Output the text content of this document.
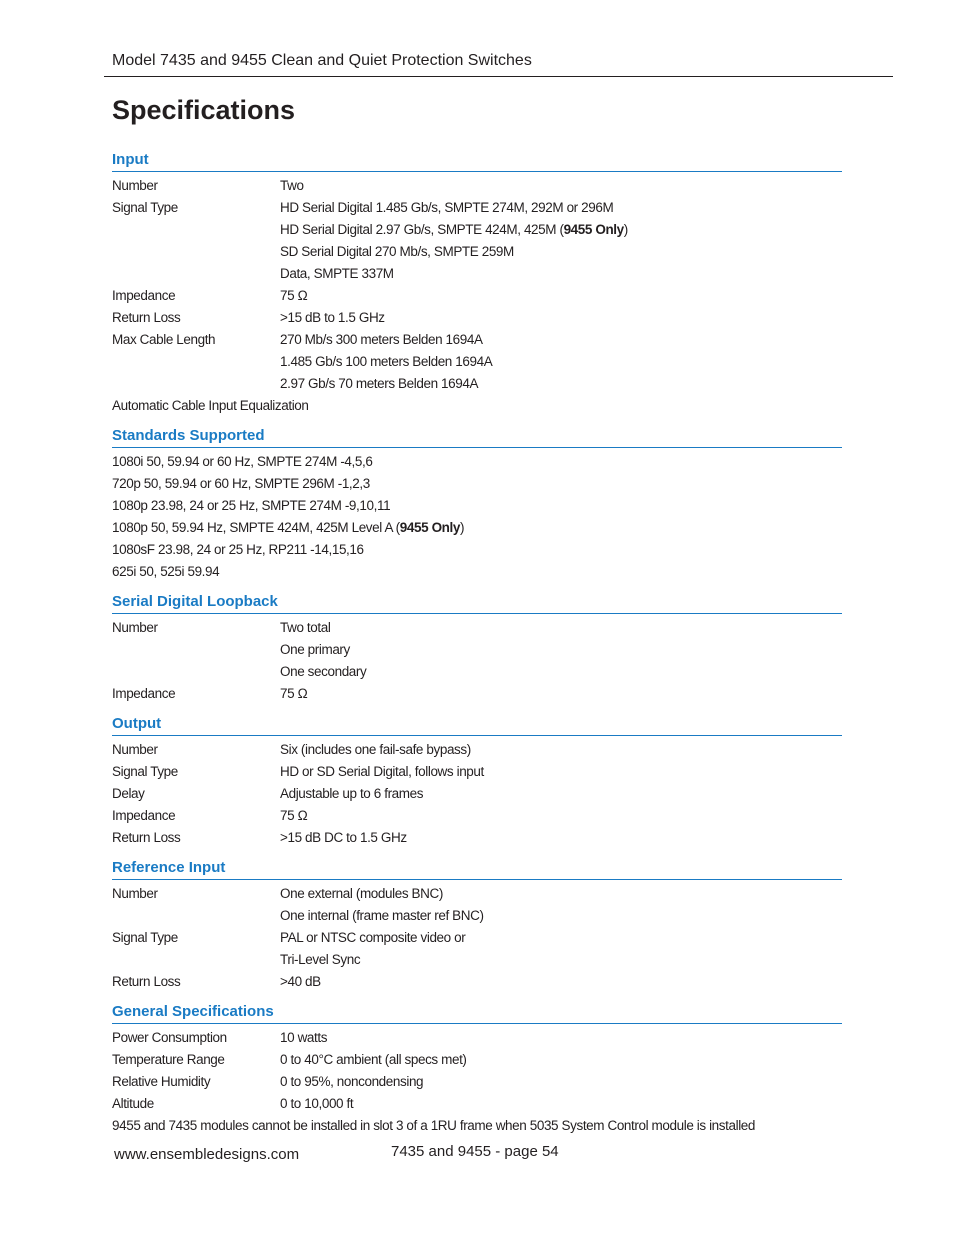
Model 7435 and 9455 Clean and Quiet Protection Switches
Specifications
Input
Number	Two
Signal Type	HD Serial Digital 1.485 Gb/s, SMPTE 274M, 292M or 296M
HD Serial Digital 2.97 Gb/s, SMPTE 424M, 425M (9455 Only)
SD Serial Digital 270 Mb/s, SMPTE 259M
Data, SMPTE 337M
Impedance	75 Ω
Return Loss	>15 dB to 1.5 GHz
Max Cable Length	270 Mb/s 300 meters Belden 1694A
1.485 Gb/s 100 meters Belden 1694A
2.97 Gb/s 70 meters Belden 1694A
Automatic Cable Input Equalization
Standards Supported
1080i 50, 59.94 or 60 Hz, SMPTE 274M -4,5,6
720p 50, 59.94 or 60 Hz, SMPTE 296M -1,2,3
1080p 23.98, 24 or 25 Hz, SMPTE 274M -9,10,11
1080p 50, 59.94 Hz, SMPTE 424M, 425M Level A (9455 Only)
1080sF 23.98, 24 or 25 Hz, RP211 -14,15,16
625i 50, 525i 59.94
Serial Digital Loopback
Number	Two total
One primary
One secondary
Impedance	75 Ω
Output
Number	Six (includes one fail-safe bypass)
Signal Type	HD or SD Serial Digital, follows input
Delay	Adjustable up to 6 frames
Impedance	75 Ω
Return Loss	>15 dB DC to 1.5 GHz
Reference Input
Number	One external (modules BNC)
One internal (frame master ref BNC)
Signal Type	PAL or NTSC composite video or
Tri-Level Sync
Return Loss	>40 dB
General Specifications
Power Consumption	10 watts
Temperature Range	0 to 40°C ambient (all specs met)
Relative Humidity	0 to 95%, noncondensing
Altitude	0 to 10,000 ft
9455 and 7435 modules cannot be installed in slot 3 of a 1RU frame when 5035 System Control module is installed
www.ensembledesigns.com	7435 and 9455 - page 54
